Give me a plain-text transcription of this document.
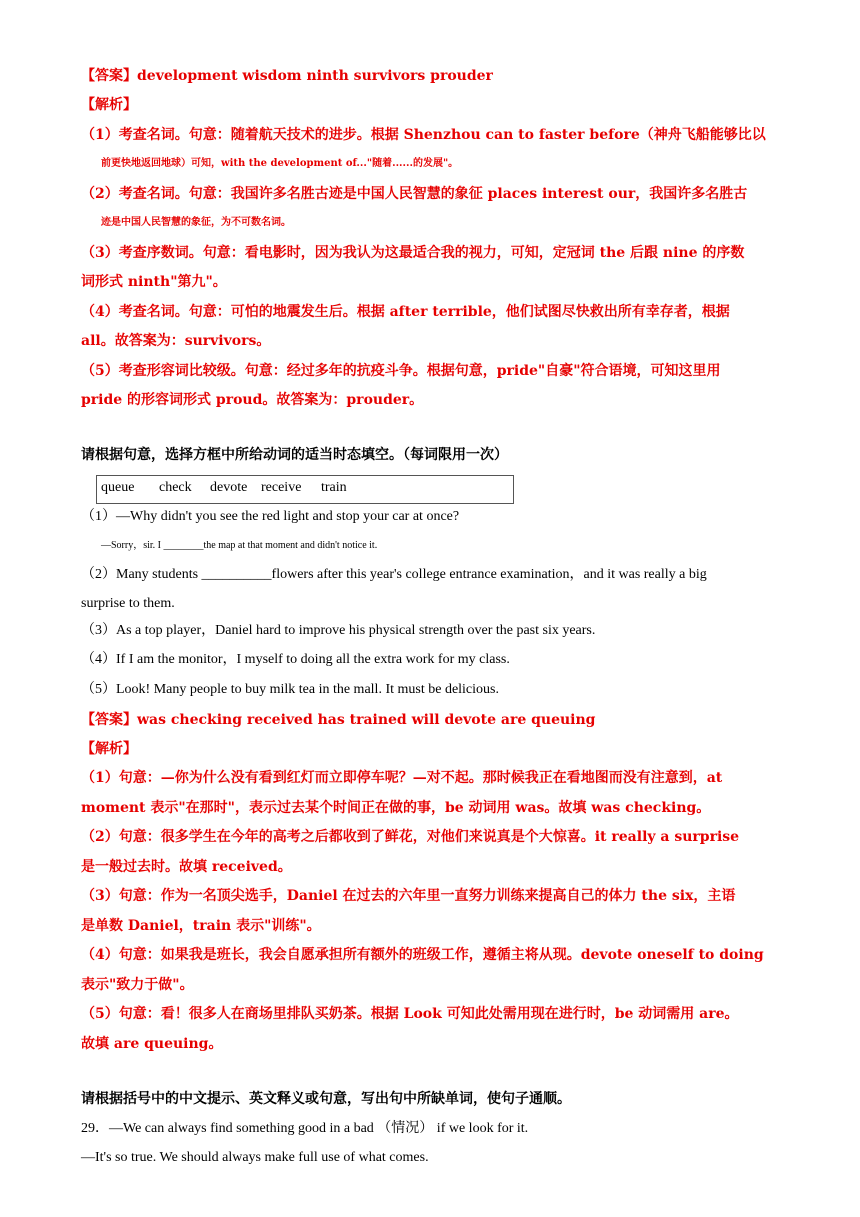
【答案】development wisdom ninth survivors prouder
【解析】
（1）考查名词。句意：随着航天技术的进步。根据 Shenzhou can to faster before（神舟飞船能够比以
前更快地返回地球）可知，with the development of..."随着......的发展"。
（2）考查名词。句意：我国许多名胜古迹是中国人民智慧的象征 places interest our，我国许多名胜古
迹是中国人民智慧的象征，为不可数名词。
（3）考查序数词。句意：看电影时，因为我认为这最适合我的视力，可知，定冠词 the 后跟 nine 的序数
词形式 ninth"第九"。
（4）考查名词。句意：可怕的地震发生后。根据 after terrible，他们试图尽快救出所有幸存者，根据
all。故答案为：survivors。
（5）考查形容词比较级。句意：经过多年的抗疫斗争。根据句意，pride"自豪"符合语境，可知这里用
pride 的形容词形式 proud。故答案为：prouder。
请根据句意，选择方框中所给动词的适当时态填空。（每词限用一次）
queue check devote receive train
（1）—Why didn't you see the red light and stop your car at once?
—Sorry，sir. I ________the map at that moment and didn't notice it.
（2）Many students __________flowers after this year's college entrance examination，and it was really a big
surprise to them.
（3）As a top player，Daniel hard to improve his physical strength over the past six years.
（4）If I am the monitor，I myself to doing all the extra work for my class.
（5）Look! Many people to buy milk tea in the mall. It must be delicious.
【答案】was checking received has trained will devote are queuing
【解析】
（1）句意：—你为什么没有看到红灯而立即停车呢？—对不起。那时候我正在看地图而没有注意到，at
moment 表示"在那时"，表示过去某个时间正在做的事，be 动词用 was。故填 was checking。
（2）句意：很多学生在今年的高考之后都收到了鲜花，对他们来说真是个大惊喜。it really a surprise
是一般过去时。故填 received。
（3）句意：作为一名顶尖选手，Daniel 在过去的六年里一直努力训练来提高自己的体力 the six，主语
是单数 Daniel，train 表示"训练"。
（4）句意：如果我是班长，我会自愿承担所有额外的班级工作，遵循主将从现。devote oneself to doing
表示"致力于做"。
（5）句意：看！很多人在商场里排队买奶茶。根据 Look 可知此处需用现在进行时，be 动词需用 are。
故填 are queuing。
请根据括号中的中文提示、英文释义或句意，写出句中所缺单词，使句子通顺。
29．—We can always find something good in a bad （情况） if we look for it.
—It's so true. We should always make full use of what comes.
